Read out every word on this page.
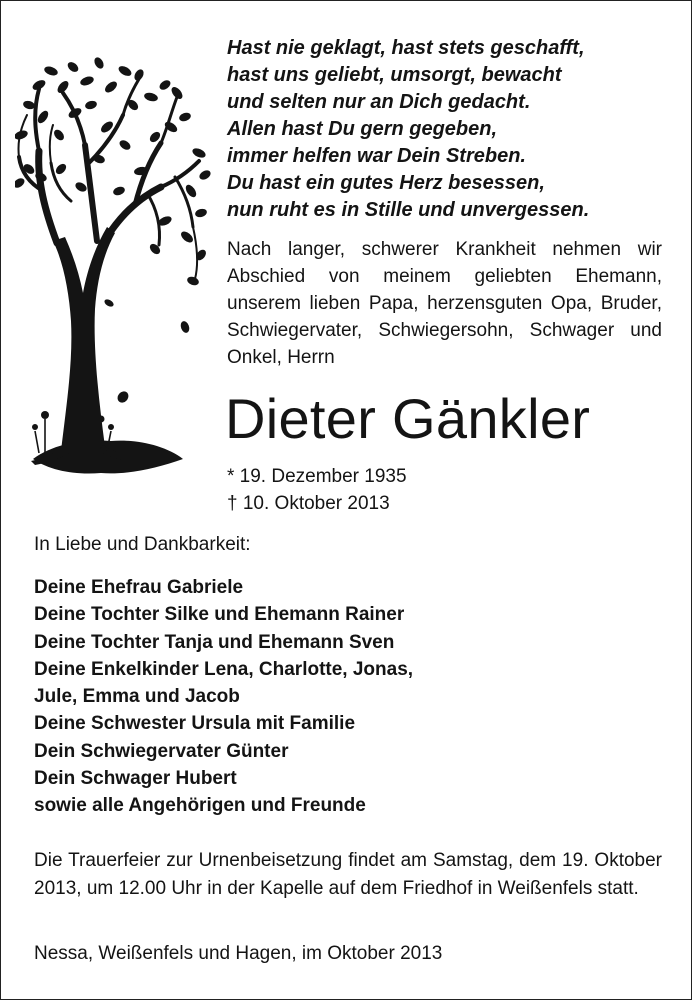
Hast nie geklagt, hast stets geschafft,
hast uns geliebt, umsorgt, bewacht
und selten nur an Dich gedacht.
Allen hast Du gern gegeben,
immer helfen war Dein Streben.
Du hast ein gutes Herz besessen,
nun ruht es in Stille und unvergessen.

Nach langer, schwerer Krankheit nehmen wir Abschied von meinem geliebten Ehemann, unserem lieben Papa, herzensguten Opa, Bruder, Schwiegervater, Schwiegersohn, Schwager und Onkel, Herrn

Dieter Gänkler
* 19. Dezember 1935
† 10. Oktober 2013
In Liebe und Dankbarkeit:
Deine Ehefrau Gabriele
Deine Tochter Silke und Ehemann Rainer
Deine Tochter Tanja und Ehemann Sven
Deine Enkelkinder Lena, Charlotte, Jonas,
Jule, Emma und Jacob
Deine Schwester Ursula mit Familie
Dein Schwiegervater Günter
Dein Schwager Hubert
sowie alle Angehörigen und Freunde

Die Trauerfeier zur Urnenbeisetzung findet am Samstag, dem 19. Oktober 2013, um 12.00 Uhr in der Kapelle auf dem Friedhof in Weißenfels statt.

Nessa, Weißenfels und Hagen, im Oktober 2013
